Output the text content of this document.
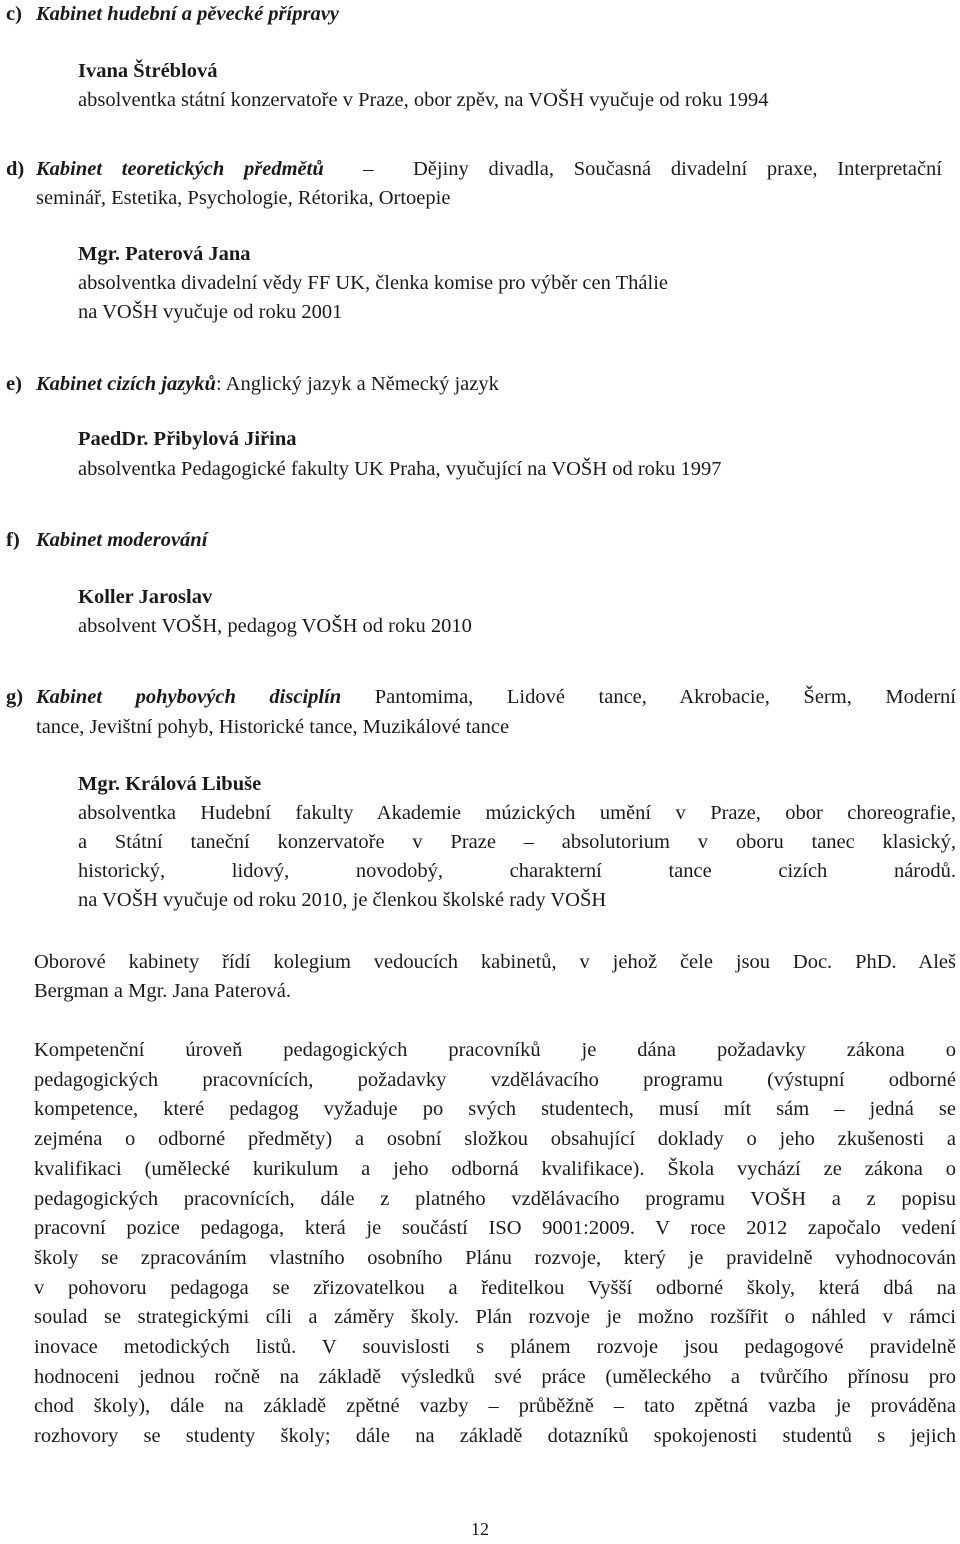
c) Kabinet hudební a pěvecké přípravy
Ivana Štréblová
absolventka státní konzervatoře v Praze, obor zpěv, na VOŠH vyučuje od roku 1994
d) Kabinet teoretických předmětů  –  Dějiny divadla, Současná divadelní praxe, Interpretační
seminář, Estetika, Psychologie, Rétorika, Ortoepie
Mgr. Paterová Jana
absolventka divadelní vědy FF UK, členka komise pro výběr cen Thálie
na VOŠH vyučuje od roku 2001
e) Kabinet cizích jazyků: Anglický jazyk a Německý jazyk
PaedDr. Přibylová Jiřina
absolventka Pedagogické fakulty UK Praha, vyučující na VOŠH od roku 1997
f) Kabinet moderování
Koller Jaroslav
absolvent VOŠH, pedagog VOŠH od roku 2010
g) Kabinet pohybových disciplín Pantomima, Lidové tance, Akrobacie, Šerm, Moderní
tance, Jevištní pohyb, Historické tance, Muzikálové tance
Mgr. Králová Libuše
absolventka Hudební fakulty Akademie múzických umění v Praze, obor choreografie,
a Státní taneční konzervatoře v Praze – absolutorium v oboru tanec klasický,
historický, lidový, novodobý, charakterní tance cizích národů.
na VOŠH vyučuje od roku 2010, je členkou školské rady VOŠH
Oborové kabinety řídí kolegium vedoucích kabinetů, v jehož čele jsou Doc. PhD. Aleš
Bergman a Mgr. Jana Paterová.
Kompetenční úroveň pedagogických pracovníků je dána požadavky zákona o
pedagogických pracovnících, požadavky vzdělávacího programu (výstupní odborné
kompetence, které pedagog vyžaduje po svých studentech, musí mít sám – jedná se
zejména o odborné předměty) a osobní složkou obsahující doklady o jeho zkušenosti a
kvalifikaci (umělecké kurikulum a jeho odborná kvalifikace). Škola vychází ze zákona o
pedagogických pracovnících, dále z platného vzdělávacího programu VOŠH a z popisu
pracovní pozice pedagoga, která je součástí ISO 9001:2009. V roce 2012 započalo vedení
školy se zpracováním vlastního osobního Plánu rozvoje, který je pravidelně vyhodnocován
v pohovoru pedagoga se zřizovatelkou a ředitelkou Vyšší odborné školy, která dbá na
soulad se strategickými cíli a záměry školy. Plán rozvoje je možno rozšířit o náhled v rámci
inovace metodických listů. V souvislosti s plánem rozvoje jsou pedagogové pravidelně
hodnoceni jednou ročně na základě výsledků své práce (uměleckého a tvůrčího přínosu pro
chod školy), dále na základě zpětné vazby – průběžně – tato zpětná vazba je prováděna
rozhovory se studenty školy; dále na základě dotazníků spokojenosti studentů s jejich
12
